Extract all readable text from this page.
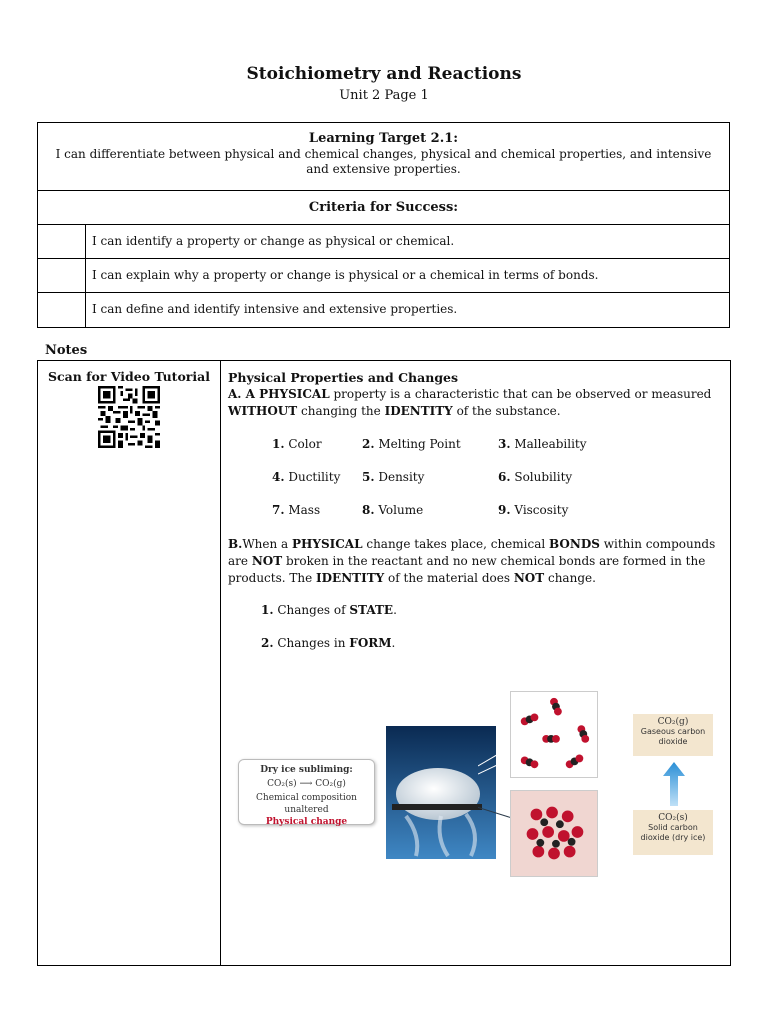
Stoichiometry and Reactions
Unit 2 Page 1
Learning Target 2.1:
I can differentiate between physical and chemical changes, physical and chemical properties, and intensive and extensive properties.
Criteria for Success:
I can identify a property or change as physical or chemical.
I can explain why a property or change is physical or a chemical in terms of bonds.
I can define and identify intensive and extensive properties.
Notes
Scan for Video Tutorial	Physical Properties and Changes
A. A PHYSICAL property is a characteristic that can be observed or measured WITHOUT changing the IDENTITY of the substance.
1. Color	2. Melting Point	3. Malleability
4. Ductility	5. Density	6. Solubility
7. Mass	8. Volume	9. Viscosity
B.When a PHYSICAL change takes place, chemical BONDS within compounds are NOT broken in the reactant and no new chemical bonds are formed in the products. The IDENTITY of the material does NOT change.
1. Changes of STATE.
2. Changes in FORM.
Dry ice subliming:
CO₂(s) ⟶ CO₂(g)
Chemical composition unaltered
Physical change
CO₂(g)
Gaseous carbon dioxide
CO₂(s)
Solid carbon dioxide (dry ice)
